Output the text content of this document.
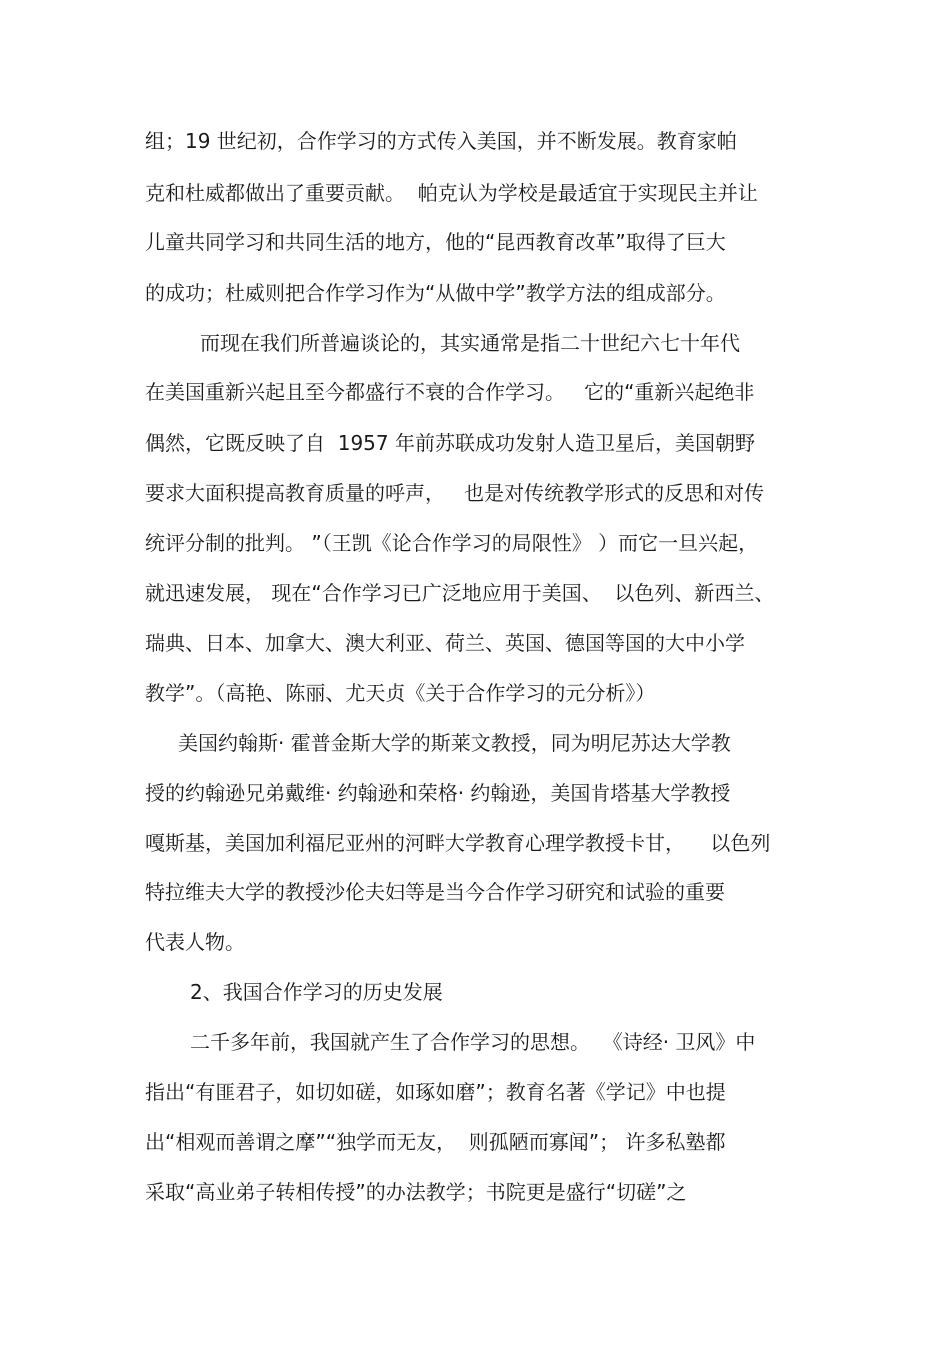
组；19 世纪初，合作学习的方式传入美国，并不断发展。教育家帕
克和杜威都做出了重要贡献。  帕克认为学校是最适宜于实现民主并让
儿童共同学习和共同生活的地方，他的“昆西教育改革”取得了巨大
的成功；杜威则把合作学习作为“从做中学”教学方法的组成部分。
而现在我们所普遍谈论的，其实通常是指二十世纪六七十年代
在美国重新兴起且至今都盛行不衰的合作学习。   它的“重新兴起绝非
偶然，它既反映了自  1957 年前苏联成功发射人造卫星后，美国朝野
要求大面积提高教育质量的呼声，   也是对传统教学形式的反思和对传
统评分制的批判。 ”（王凯《论合作学习的局限性》 ）而它一旦兴起，
就迅速发展， 现在“合作学习已广泛地应用于美国、  以色列、新西兰、
瑞典、日本、加拿大、澳大利亚、荷兰、英国、德国等国的大中小学
教学”。（高艳、陈丽、尤天贞《关于合作学习的元分析》）
美国约翰斯· 霍普金斯大学的斯莱文教授，同为明尼苏达大学教
授的约翰逊兄弟戴维· 约翰逊和荣格· 约翰逊，美国肯塔基大学教授
嘎斯基，美国加利福尼亚州的河畔大学教育心理学教授卡甘，    以色列
特拉维夫大学的教授沙伦夫妇等是当今合作学习研究和试验的重要
代表人物。
2、我国合作学习的历史发展
二千多年前，我国就产生了合作学习的思想。  《诗经· 卫风》中
指出“有匪君子，如切如磋，如琢如磨”；教育名著《学记》中也提
出“相观而善谓之摩”“独学而无友，  则孤陋而寡闻”； 许多私塾都
采取“高业弟子转相传授”的办法教学；书院更是盛行“切磋”之
